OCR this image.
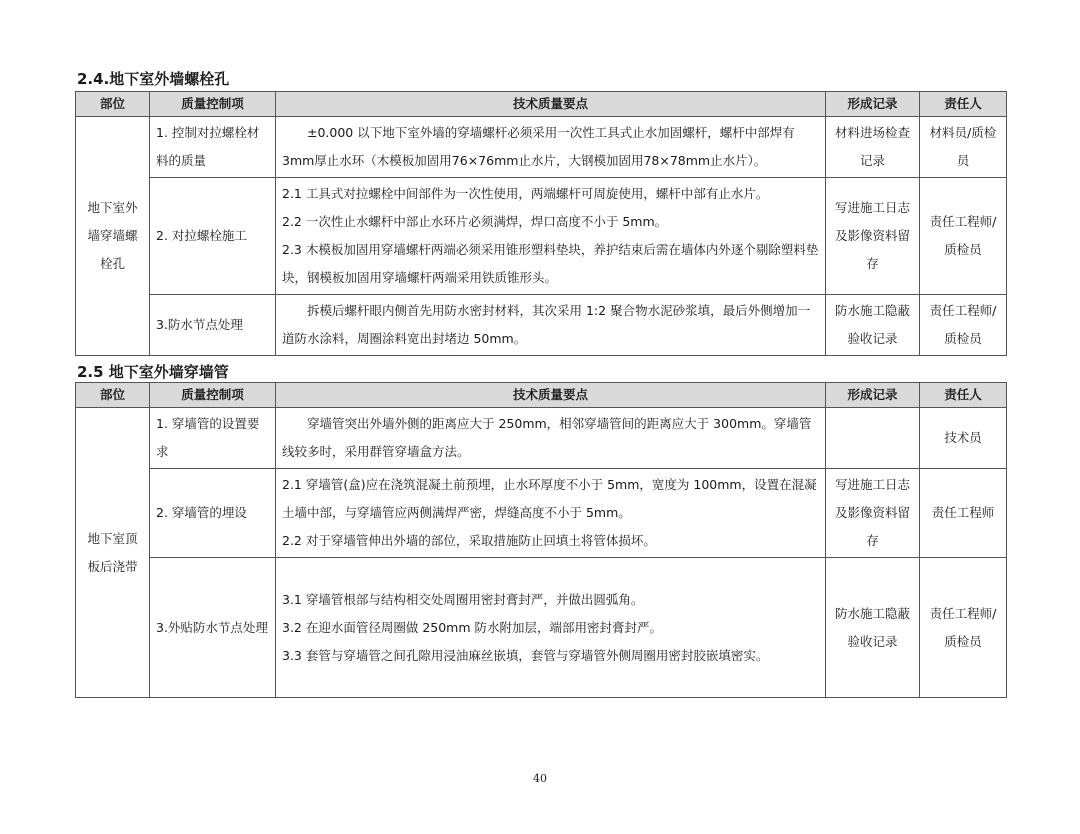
2.4.地下室外墙螺栓孔
部位	质量控制项	技术质量要点	形成记录	责任人
地下室外墙穿墙螺栓孔	1. 控制对拉螺栓材料的质量	±0.000 以下地下室外墙的穿墙螺杆必须采用一次性工具式止水加固螺杆，螺杆中部焊有 3mm厚止水环（木模板加固用76×76mm止水片，大钢模加固用78×78mm止水片）。	材料进场检查记录	材料员/质检员
	2. 对拉螺栓施工	2.1 工具式对拉螺栓中间部件为一次性使用，两端螺杆可周旋使用，螺杆中部有止水片。
2.2 一次性止水螺杆中部止水环片必须满焊，焊口高度不小于 5mm。
2.3 木模板加固用穿墙螺杆两端必须采用锥形塑料垫块，养护结束后需在墙体内外逐个剔除塑料垫块，钢模板加固用穿墙螺杆两端采用铁质锥形头。	写进施工日志及影像资料留存	责任工程师/质检员
	3.防水节点处理	拆模后螺杆眼内侧首先用防水密封材料，其次采用 1:2 聚合物水泥砂浆填，最后外侧增加一道防水涂料，周圈涂料宽出封堵边 50mm。	防水施工隐蔽验收记录	责任工程师/质检员
2.5 地下室外墙穿墙管
部位	质量控制项	技术质量要点	形成记录	责任人
地下室顶板后浇带	1. 穿墙管的设置要求	穿墙管突出外墙外侧的距离应大于 250mm，相邻穿墙管间的距离应大于 300mm。穿墙管线较多时，采用群管穿墙盒方法。		技术员
	2. 穿墙管的埋设	2.1 穿墙管(盒)应在浇筑混凝土前预埋，止水环厚度不小于 5mm，宽度为 100mm，设置在混凝土墙中部，与穿墙管应两侧满焊严密，焊缝高度不小于 5mm。
2.2 对于穿墙管伸出外墙的部位，采取措施防止回填土将管体损坏。	写进施工日志及影像资料留存	责任工程师
	3.外贴防水节点处理	3.1 穿墙管根部与结构相交处周圈用密封膏封严，并做出圆弧角。
3.2 在迎水面管径周圈做 250mm 防水附加层，端部用密封膏封严。
3.3 套管与穿墙管之间孔隙用浸油麻丝嵌填，套管与穿墙管外侧周圈用密封胶嵌填密实。	防水施工隐蔽验收记录	责任工程师/质检员
40
